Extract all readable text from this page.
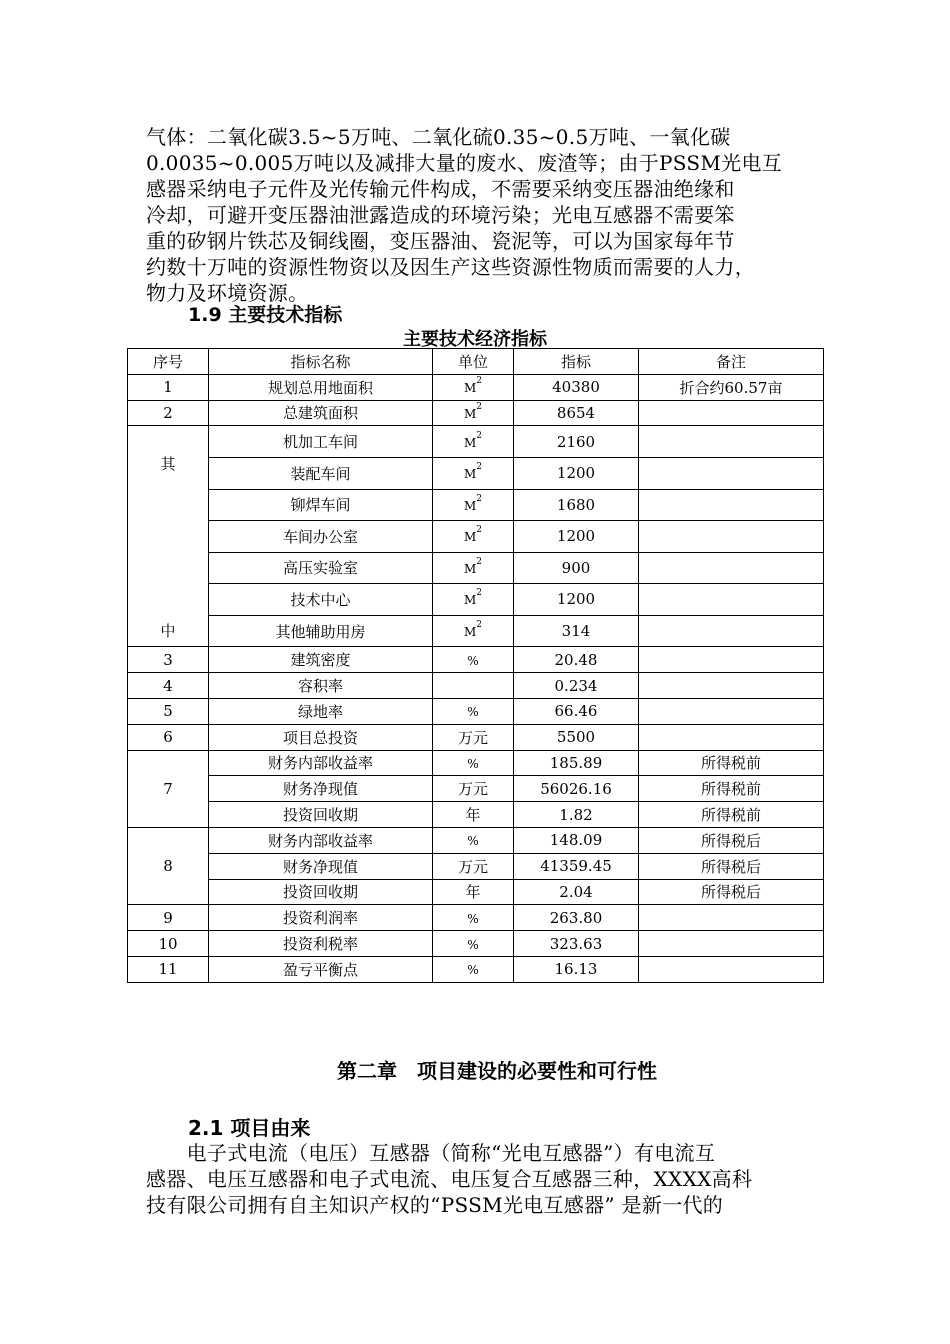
气体：二氧化碳3.5~5万吨、二氧化硫0.35~0.5万吨、一氧化碳
0.0035~0.005万吨以及减排大量的废水、废渣等；由于PSSM光电互
感器采纳电子元件及光传输元件构成，不需要采纳变压器油绝缘和
冷却，可避开变压器油泄露造成的环境污染；光电互感器不需要笨
重的矽钢片铁芯及铜线圈，变压器油、瓷泥等，可以为国家每年节
约数十万吨的资源性物资以及因生产这些资源性物质而需要的人力，
物力及环境资源。
1.9 主要技术指标
主要技术经济指标
序号	指标名称	单位	指标	备注
1	规划总用地面积	$M^2$	40380	折合约60.57亩
2	总建筑面积	$M^2$	8654	

其
中	机加工车间	$M^2$	2160	
	装配车间	$M^2$	1200	
	铆焊车间	$M^2$	1680	
	车间办公室	$M^2$	1200	
	高压实验室	$M^2$	900	
	技术中心	$M^2$	1200	
	其他辅助用房	$M^2$	314	
3	建筑密度	%	20.48	
4	容积率		0.234	
5	绿地率	%	66.46	
6	项目总投资	万元	5500	
7	财务内部收益率	%	185.89	所得税前
	财务净现值	万元	56026.16	所得税前
	投资回收期	年	1.82	所得税前
8	财务内部收益率	%	148.09	所得税后
	财务净现值	万元	41359.45	所得税后
	投资回收期	年	2.04	所得税后
9	投资利润率	%	263.80	
10	投资利税率	%	323.63	
11	盈亏平衡点	%	16.13	
第二章　项目建设的必要性和可行性
2.1 项目由来
　　电子式电流（电压）互感器（简称“光电互感器”）有电流互
感器、电压互感器和电子式电流、电压复合互感器三种，XXXX高科
技有限公司拥有自主知识产权的“PSSM光电互感器” 是新一代的
